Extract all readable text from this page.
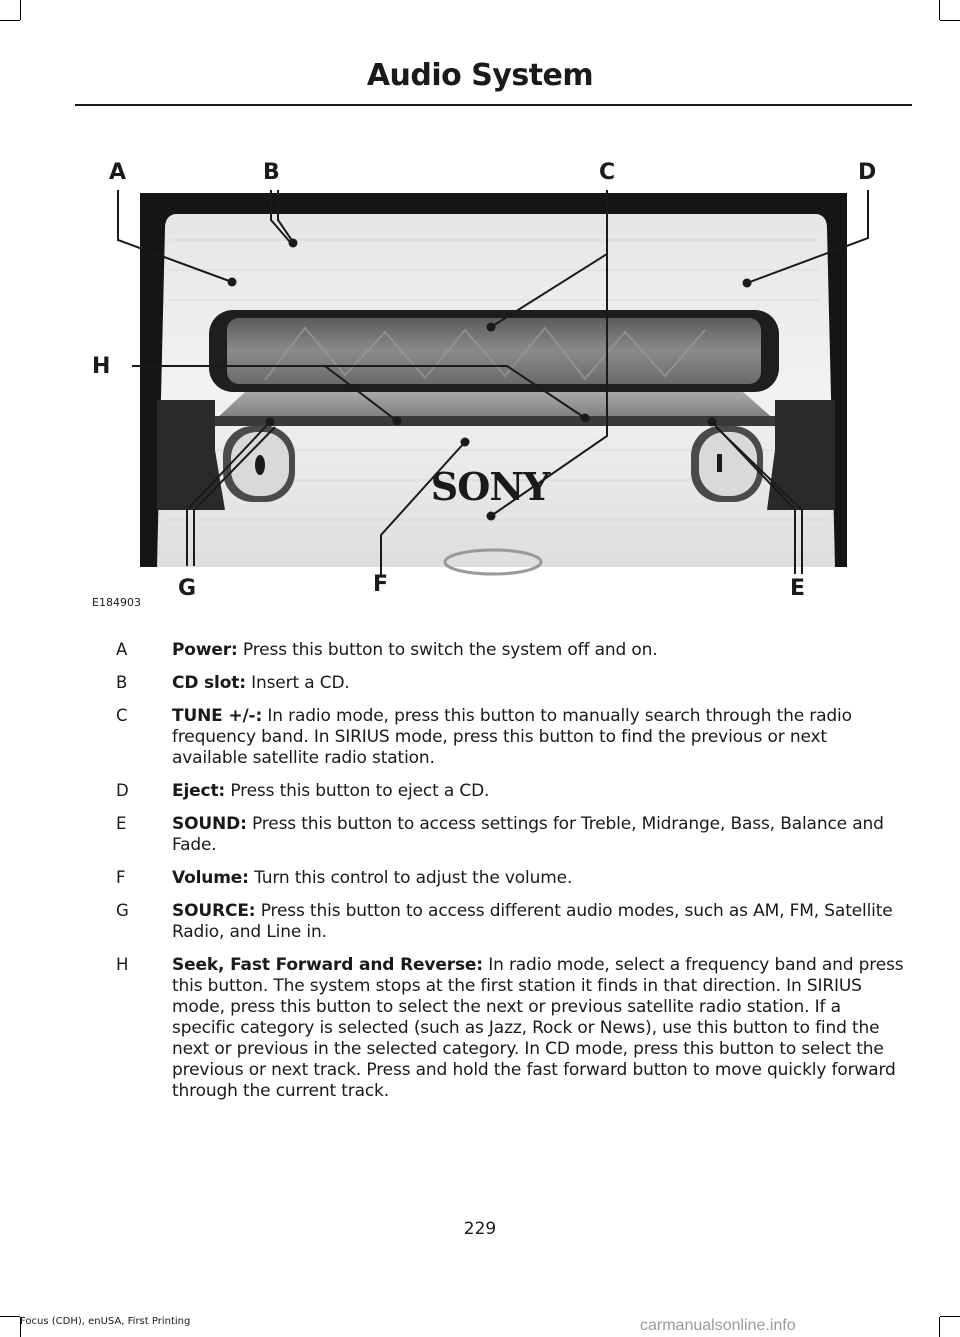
Audio System
SONY
A	B	C	D
H
G	F	E
E184903
A	Power: Press this button to switch the system off and on.
B	CD slot: Insert a CD.
C	TUNE +/-: In radio mode, press this button to manually search through the radio frequency band. In SIRIUS mode, press this button to find the previous or next available satellite radio station.
D	Eject: Press this button to eject a CD.
E	SOUND: Press this button to access settings for Treble, Midrange, Bass, Balance and Fade.
F	Volume: Turn this control to adjust the volume.
G	SOURCE: Press this button to access different audio modes, such as AM, FM, Satellite Radio, and Line in.
H	Seek, Fast Forward and Reverse: In radio mode, select a frequency band and press this button. The system stops at the first station it finds in that direction. In SIRIUS mode, press this button to select the next or previous satellite radio station. If a specific category is selected (such as Jazz, Rock or News), use this button to find the next or previous in the selected category. In CD mode, press this button to select the previous or next track. Press and hold the fast forward button to move quickly forward through the current track.
229
Focus (CDH), enUSA, First Printing	carmanualsonline.info
